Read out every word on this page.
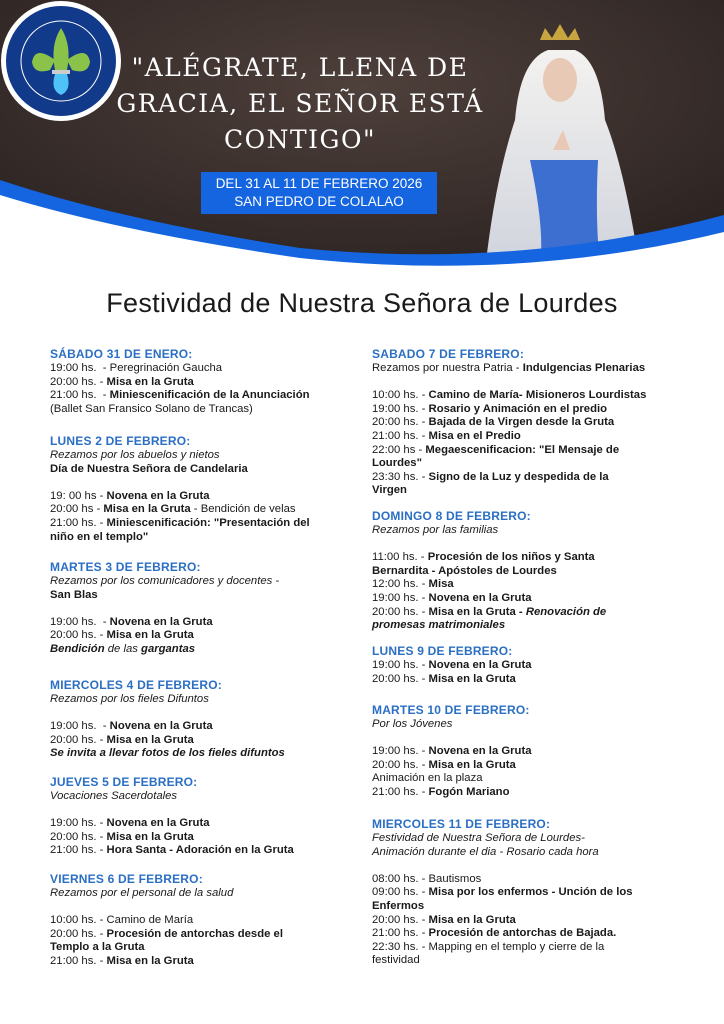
"ALÉGRATE, LLENA DE GRACIA, EL SEÑOR ESTÁ CONTIGO"
DEL 31 AL 11 DE FEBRERO 2026
SAN PEDRO DE COLALAO
Festividad de Nuestra Señora de Lourdes
SÁBADO 31 DE ENERO:
19:00 hs.  - Peregrinación Gaucha
20:00 hs. - Misa en la Gruta
21:00 hs.  - Miniescenificación de la Anunciación
(Ballet San Fransico Solano de Trancas)
LUNES 2 DE FEBRERO:
Rezamos por los abuelos y nietos
Día de Nuestra Señora de Candelaria
19: 00 hs - Novena en la Gruta
20:00 hs - Misa en la Gruta - Bendición de velas
21:00 hs. - Miniescenificación: "Presentación del
niño en el templo"
MARTES 3 DE FEBRERO:
Rezamos por los comunicadores y docentes -
San Blas
19:00 hs.  - Novena en la Gruta
20:00 hs. - Misa en la Gruta
Bendición de las gargantas
MIERCOLES 4 DE FEBRERO:
Rezamos por los fieles Difuntos
19:00 hs.  - Novena en la Gruta
20:00 hs. - Misa en la Gruta
Se invita a llevar fotos de los fieles difuntos
JUEVES 5 DE FEBRERO:
Vocaciones Sacerdotales
19:00 hs. - Novena en la Gruta
20:00 hs. - Misa en la Gruta
21:00 hs. - Hora Santa - Adoración en la Gruta
VIERNES 6 DE FEBRERO:
Rezamos por el personal de la salud
10:00 hs. - Camino de María
20:00 hs. - Procesión de antorchas desde el
Templo a la Gruta
21:00 hs. - Misa en la Gruta
SABADO 7 DE FEBRERO:
Rezamos por nuestra Patria - Indulgencias Plenarias
10:00 hs. - Camino de María- Misioneros Lourdistas
19:00 hs. - Rosario y Animación en el predio
20:00 hs. - Bajada de la Virgen desde la Gruta
21:00 hs. - Misa en el Predio
22:00 hs - Megaescenificacion: "El Mensaje de
Lourdes"
23:30 hs. - Signo de la Luz y despedida de la
Virgen
DOMINGO 8 DE FEBRERO:
Rezamos por las familias
11:00 hs. - Procesión de los niños y Santa
Bernardita - Apóstoles de Lourdes
12:00 hs. - Misa
19:00 hs. - Novena en la Gruta
20:00 hs. - Misa en la Gruta - Renovación de
promesas matrimoniales
LUNES 9 DE FEBRERO:
19:00 hs. - Novena en la Gruta
20:00 hs. - Misa en la Gruta
MARTES 10 DE FEBRERO:
Por los Jóvenes
19:00 hs. - Novena en la Gruta
20:00 hs. - Misa en la Gruta
Animación en la plaza
21:00 hs. - Fogón Mariano
MIERCOLES 11 DE FEBRERO:
Festividad de Nuestra Señora de Lourdes-
Animación durante el dia - Rosario cada hora
08:00 hs. - Bautismos
09:00 hs. - Misa por los enfermos - Unción de los
Enfermos
20:00 hs. - Misa en la Gruta
21:00 hs. - Procesión de antorchas de Bajada.
22:30 hs. - Mapping en el templo y cierre de la
festividad
